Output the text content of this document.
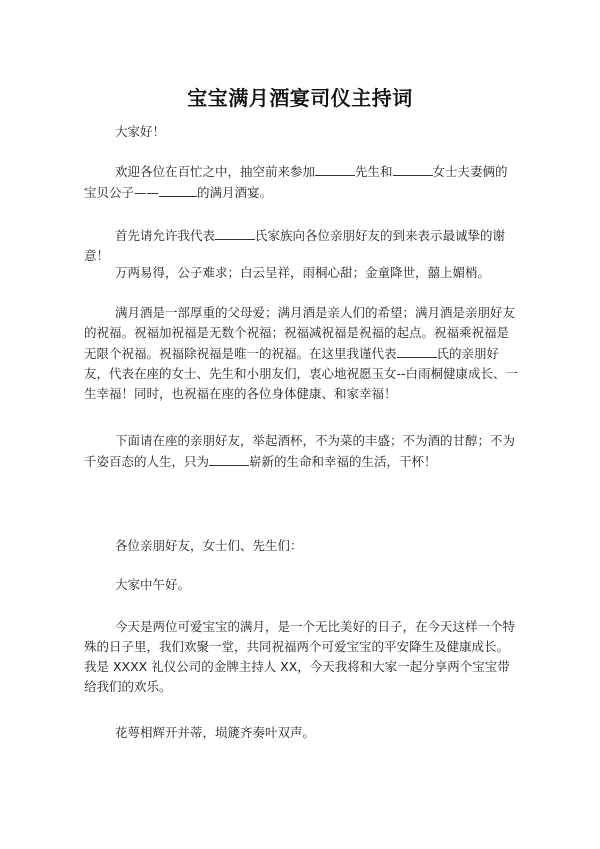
宝宝满月酒宴司仪主持词
大家好！
欢迎各位在百忙之中，抽空前来参加	先生和	女士夫妻俩的宝贝公子——	的满月酒宴。
首先请允许我代表	氏家族向各位亲朋好友的到来表示最诚挚的谢意！
万两易得，公子难求；白云呈祥，雨桐心甜；金童降世，囍上媚梢。
满月酒是一部厚重的父母爱；满月酒是亲人们的希望；满月酒是亲朋好友的祝福。祝福加祝福是无数个祝福；祝福减祝福是祝福的起点。祝福乘祝福是无限个祝福。祝福除祝福是唯一的祝福。在这里我谨代表	氏的亲朋好友，代表在座的女士、先生和小朋友们，衷心地祝愿玉女--白雨桐健康成长、一生幸福！同时，也祝福在座的各位身体健康、和家幸福！
下面请在座的亲朋好友，举起酒杯，不为菜的丰盛；不为酒的甘醇；不为千姿百态的人生，只为	崭新的生命和幸福的生活，干杯！
各位亲朋好友，女士们、先生们：
大家中午好。
今天是两位可爱宝宝的满月，是一个无比美好的日子，在今天这样一个特殊的日子里，我们欢聚一堂，共同祝福两个可爱宝宝的平安降生及健康成长。我是 XXXX 礼仪公司的金牌主持人 XX，今天我将和大家一起分享两个宝宝带给我们的欢乐。
花萼相辉开并蒂，埙篪齐奏叶双声。
